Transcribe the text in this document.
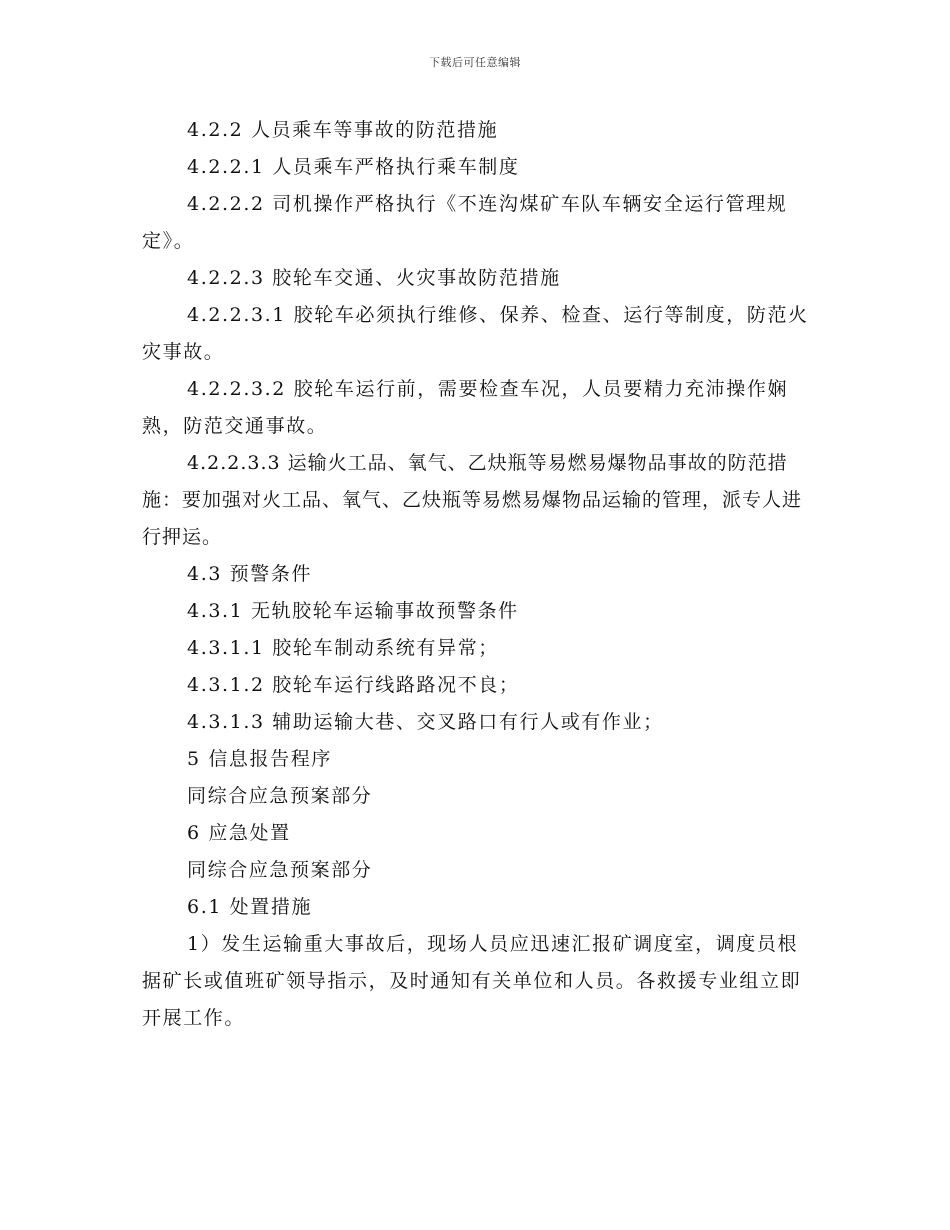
下载后可任意编辑

4.2.2 人员乘车等事故的防范措施

4.2.2.1 人员乘车严格执行乘车制度

4.2.2.2 司机操作严格执行《不连沟煤矿车队车辆安全运行管理规定》。

4.2.2.3 胶轮车交通、火灾事故防范措施

4.2.2.3.1 胶轮车必须执行维修、保养、检查、运行等制度，防范火灾事故。

4.2.2.3.2 胶轮车运行前，需要检查车况，人员要精力充沛操作娴熟，防范交通事故。

4.2.2.3.3 运输火工品、氧气、乙炔瓶等易燃易爆物品事故的防范措施：要加强对火工品、氧气、乙炔瓶等易燃易爆物品运输的管理，派专人进行押运。

4.3 预警条件

4.3.1 无轨胶轮车运输事故预警条件

4.3.1.1 胶轮车制动系统有异常；

4.3.1.2 胶轮车运行线路路况不良；

4.3.1.3 辅助运输大巷、交叉路口有行人或有作业；

5 信息报告程序

同综合应急预案部分

6 应急处置

同综合应急预案部分

6.1 处置措施

1）发生运输重大事故后，现场人员应迅速汇报矿调度室，调度员根据矿长或值班矿领导指示，及时通知有关单位和人员。各救援专业组立即开展工作。
